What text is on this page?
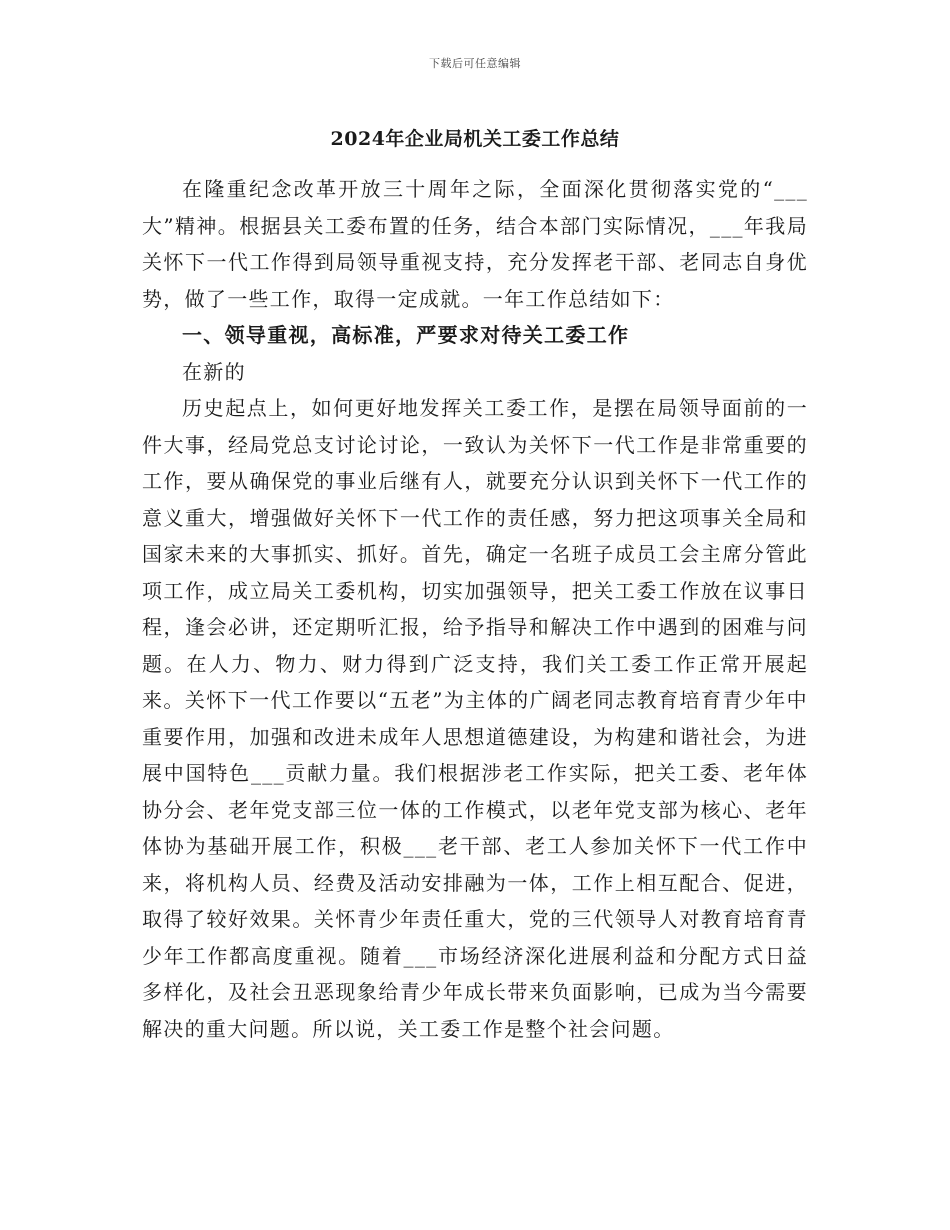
下载后可任意编辑
2024年企业局机关工委工作总结

在隆重纪念改革开放三十周年之际，全面深化贯彻落实党的“___大”精神。根据县关工委布置的任务，结合本部门实际情况，___年我局关怀下一代工作得到局领导重视支持，充分发挥老干部、老同志自身优势，做了一些工作，取得一定成就。一年工作总结如下：

一、领导重视，高标准，严要求对待关工委工作

在新的

历史起点上，如何更好地发挥关工委工作，是摆在局领导面前的一件大事，经局党总支讨论讨论，一致认为关怀下一代工作是非常重要的工作，要从确保党的事业后继有人，就要充分认识到关怀下一代工作的意义重大，增强做好关怀下一代工作的责任感，努力把这项事关全局和国家未来的大事抓实、抓好。首先，确定一名班子成员工会主席分管此项工作，成立局关工委机构，切实加强领导，把关工委工作放在议事日程，逢会必讲，还定期听汇报，给予指导和解决工作中遇到的困难与问题。在人力、物力、财力得到广泛支持，我们关工委工作正常开展起来。关怀下一代工作要以“五老”为主体的广阔老同志教育培育青少年中重要作用，加强和改进未成年人思想道德建设，为构建和谐社会，为进展中国特色___贡献力量。我们根据涉老工作实际，把关工委、老年体协分会、老年党支部三位一体的工作模式，以老年党支部为核心、老年体协为基础开展工作，积极___老干部、老工人参加关怀下一代工作中来，将机构人员、经费及活动安排融为一体，工作上相互配合、促进，取得了较好效果。关怀青少年责任重大，党的三代领导人对教育培育青少年工作都高度重视。随着___市场经济深化进展利益和分配方式日益多样化，及社会丑恶现象给青少年成长带来负面影响，已成为当今需要解决的重大问题。所以说，关工委工作是整个社会问题。
